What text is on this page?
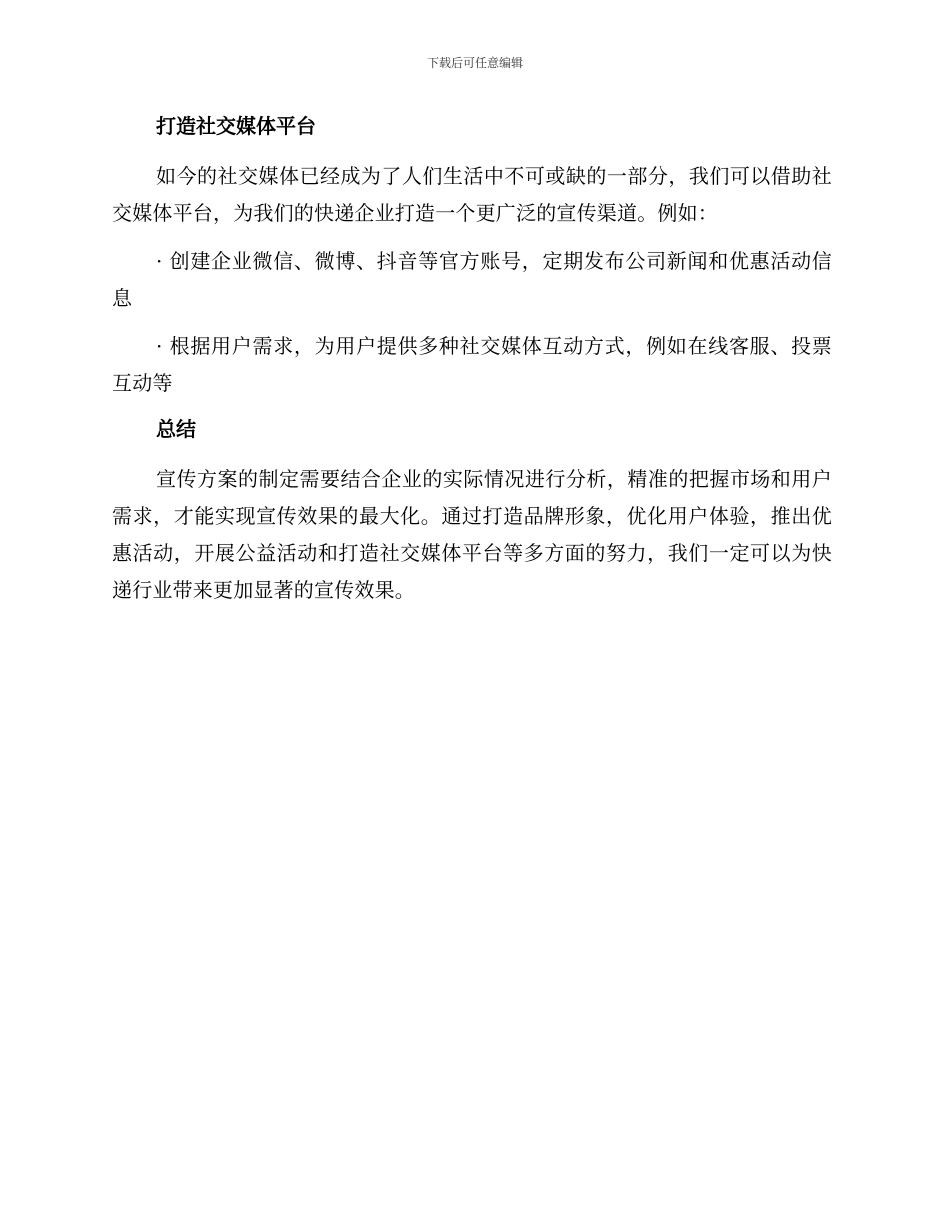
下载后可任意编辑
打造社交媒体平台

如今的社交媒体已经成为了人们生活中不可或缺的一部分，我们可以借助社交媒体平台，为我们的快递企业打造一个更广泛的宣传渠道。例如：

· 创建企业微信、微博、抖音等官方账号，定期发布公司新闻和优惠活动信息

· 根据用户需求，为用户提供多种社交媒体互动方式，例如在线客服、投票互动等

总结

宣传方案的制定需要结合企业的实际情况进行分析，精准的把握市场和用户需求，才能实现宣传效果的最大化。通过打造品牌形象，优化用户体验，推出优惠活动，开展公益活动和打造社交媒体平台等多方面的努力，我们一定可以为快递行业带来更加显著的宣传效果。
